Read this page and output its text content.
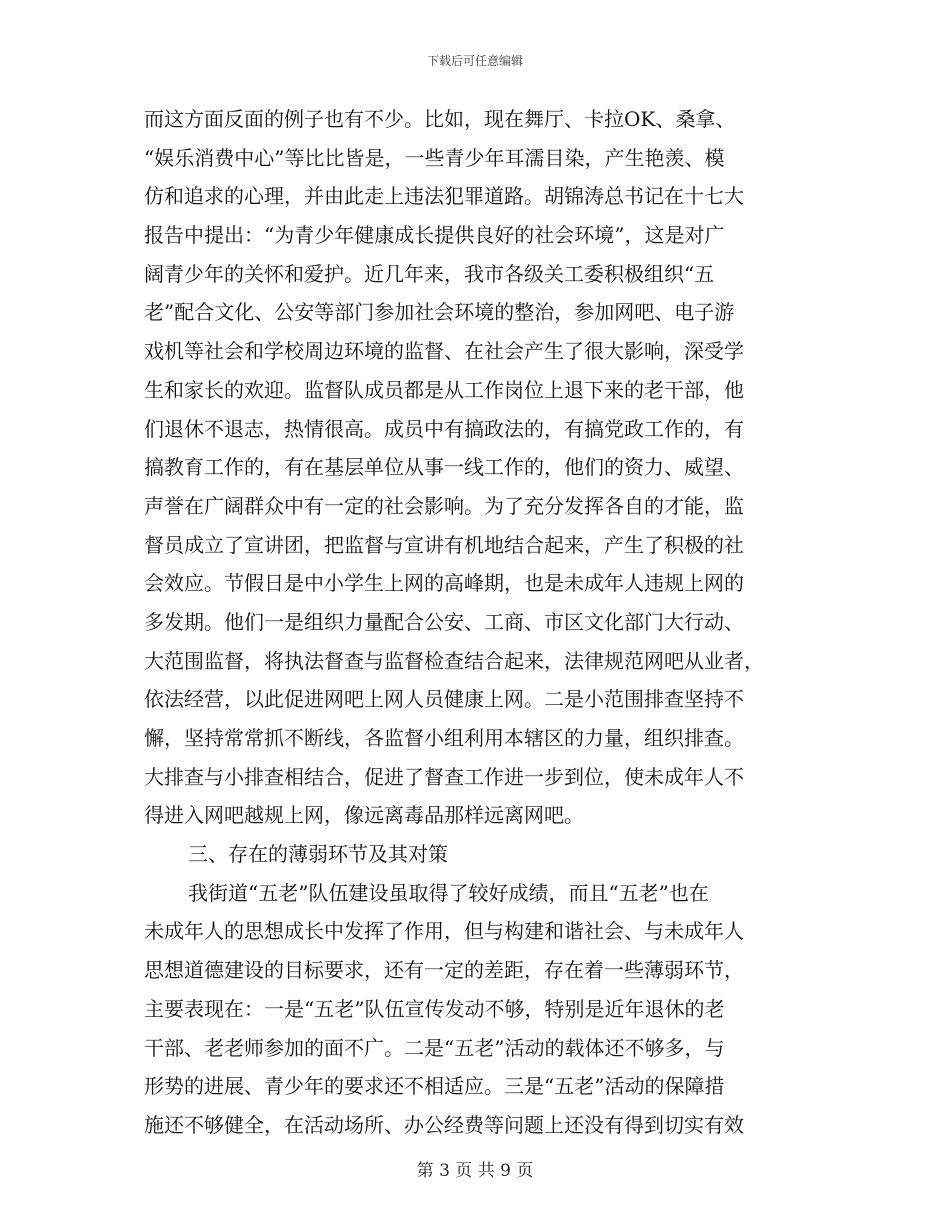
下载后可任意编辑
而这方面反面的例子也有不少。比如，现在舞厅、卡拉OK、桑拿、
“娱乐消费中心”等比比皆是，一些青少年耳濡目染，产生艳羡、模
仿和追求的心理，并由此走上违法犯罪道路。胡锦涛总书记在十七大
报告中提出：“为青少年健康成长提供良好的社会环境”，这是对广
阔青少年的关怀和爱护。近几年来，我市各级关工委积极组织“五
老”配合文化、公安等部门参加社会环境的整治，参加网吧、电子游
戏机等社会和学校周边环境的监督、在社会产生了很大影响，深受学
生和家长的欢迎。监督队成员都是从工作岗位上退下来的老干部，他
们退休不退志，热情很高。成员中有搞政法的，有搞党政工作的，有
搞教育工作的，有在基层单位从事一线工作的，他们的资力、威望、
声誉在广阔群众中有一定的社会影响。为了充分发挥各自的才能，监
督员成立了宣讲团，把监督与宣讲有机地结合起来，产生了积极的社
会效应。节假日是中小学生上网的高峰期，也是未成年人违规上网的
多发期。他们一是组织力量配合公安、工商、市区文化部门大行动、
大范围监督，将执法督查与监督检查结合起来，法律规范网吧从业者，
依法经营，以此促进网吧上网人员健康上网。二是小范围排查坚持不
懈，坚持常常抓不断线，各监督小组利用本辖区的力量，组织排查。
大排查与小排查相结合，促进了督查工作进一步到位，使未成年人不
得进入网吧越规上网，像远离毒品那样远离网吧。
三、存在的薄弱环节及其对策
我街道“五老”队伍建设虽取得了较好成绩，而且“五老”也在
未成年人的思想成长中发挥了作用，但与构建和谐社会、与未成年人
思想道德建设的目标要求，还有一定的差距，存在着一些薄弱环节，
主要表现在：一是“五老”队伍宣传发动不够，特别是近年退休的老
干部、老老师参加的面不广。二是“五老”活动的载体还不够多，与
形势的进展、青少年的要求还不相适应。三是“五老”活动的保障措
施还不够健全，在活动场所、办公经费等问题上还没有得到切实有效
第 3 页 共 9 页
